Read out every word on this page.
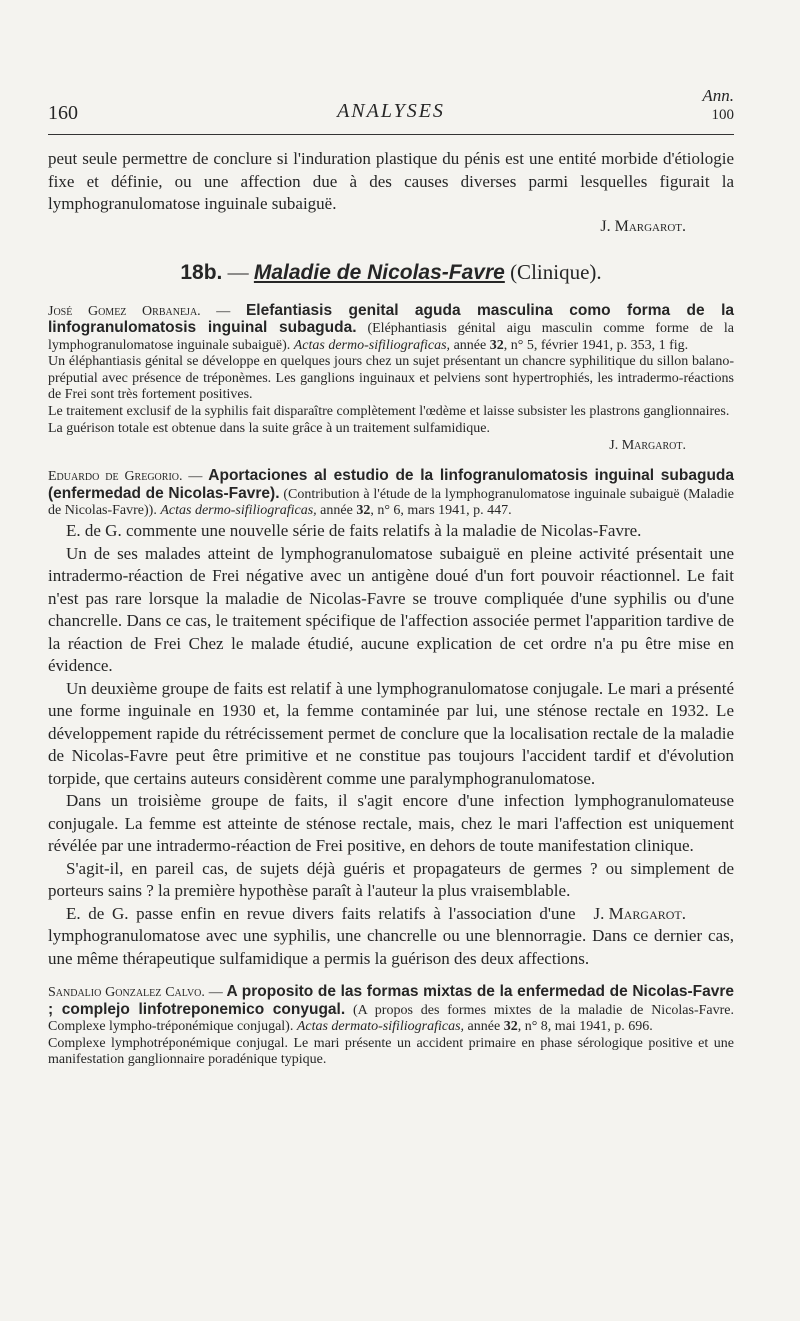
Ann.
100
160	ANALYSES

peut seule permettre de conclure si l'induration plastique du pénis est une entité morbide d'étiologie fixe et définie, ou une affection due à des causes diverses parmi lesquelles figurait la lymphogranulomatose inguinale subaiguë.

J. Margarot.
18b. — Maladie de Nicolas-Favre (Clinique).

José Gomez Orbaneja. — Elefantiasis genital aguda masculina como forma de la linfogranulomatosis inguinal subaguda. (Eléphantiasis génital aigu masculin comme forme de la lymphogranulomatose inguinale subaiguë). Actas dermo-sifiliograficas, année 32, n° 5, février 1941, p. 353, 1 fig.

Un éléphantiasis génital se développe en quelques jours chez un sujet présentant un chancre syphilitique du sillon balano-préputial avec présence de tréponèmes. Les ganglions inguinaux et pelviens sont hypertrophiés, les intradermo-réactions de Frei sont très fortement positives.

Le traitement exclusif de la syphilis fait disparaître complètement l'œdème et laisse subsister les plastrons ganglionnaires.

La guérison totale est obtenue dans la suite grâce à un traitement sulfamidique.

J. Margarot.

Eduardo de Gregorio. — Aportaciones al estudio de la linfogranulomatosis inguinal subaguda (enfermedad de Nicolas-Favre). (Contribution à l'étude de la lymphogranulomatose inguinale subaiguë (Maladie de Nicolas-Favre)). Actas dermo-sifiliograficas, année 32, n° 6, mars 1941, p. 447.

E. de G. commente une nouvelle série de faits relatifs à la maladie de Nicolas-Favre.

Un de ses malades atteint de lymphogranulomatose subaiguë en pleine activité présentait une intradermo-réaction de Frei négative avec un antigène doué d'un fort pouvoir réactionnel. Le fait n'est pas rare lorsque la maladie de Nicolas-Favre se trouve compliquée d'une syphilis ou d'une chancrelle. Dans ce cas, le traitement spécifique de l'affection associée permet l'apparition tardive de la réaction de Frei Chez le malade étudié, aucune explication de cet ordre n'a pu être mise en évidence.

Un deuxième groupe de faits est relatif à une lymphogranulomatose conjugale. Le mari a présenté une forme inguinale en 1930 et, la femme contaminée par lui, une sténose rectale en 1932. Le développement rapide du rétrécissement permet de conclure que la localisation rectale de la maladie de Nicolas-Favre peut être primitive et ne constitue pas toujours l'accident tardif et d'évolution torpide, que certains auteurs considèrent comme une paralymphogranulomatose.

Dans un troisième groupe de faits, il s'agit encore d'une infection lymphogranulomateuse conjugale. La femme est atteinte de sténose rectale, mais, chez le mari l'affection est uniquement révélée par une intradermo-réaction de Frei positive, en dehors de toute manifestation clinique.

S'agit-il, en pareil cas, de sujets déjà guéris et propagateurs de germes ? ou simplement de porteurs sains ? la première hypothèse paraît à l'auteur la plus vraisemblable.

J. Margarot.
E. de G. passe enfin en revue divers faits relatifs à l'association d'une lymphogranulomatose avec une syphilis, une chancrelle ou une blennorragie. Dans ce dernier cas, une même thérapeutique sulfamidique a permis la guérison des deux affections.

Sandalio Gonzalez Calvo. — A proposito de las formas mixtas de la enfermedad de Nicolas-Favre ; complejo linfotreponemico conyugal. (A propos des formes mixtes de la maladie de Nicolas-Favre. Complexe lympho-tréponémique conjugal). Actas dermato-sifiliograficas, année 32, n° 8, mai 1941, p. 696.

Complexe lymphotréponémique conjugal. Le mari présente un accident primaire en phase sérologique positive et une manifestation ganglionnaire poradénique typique.
